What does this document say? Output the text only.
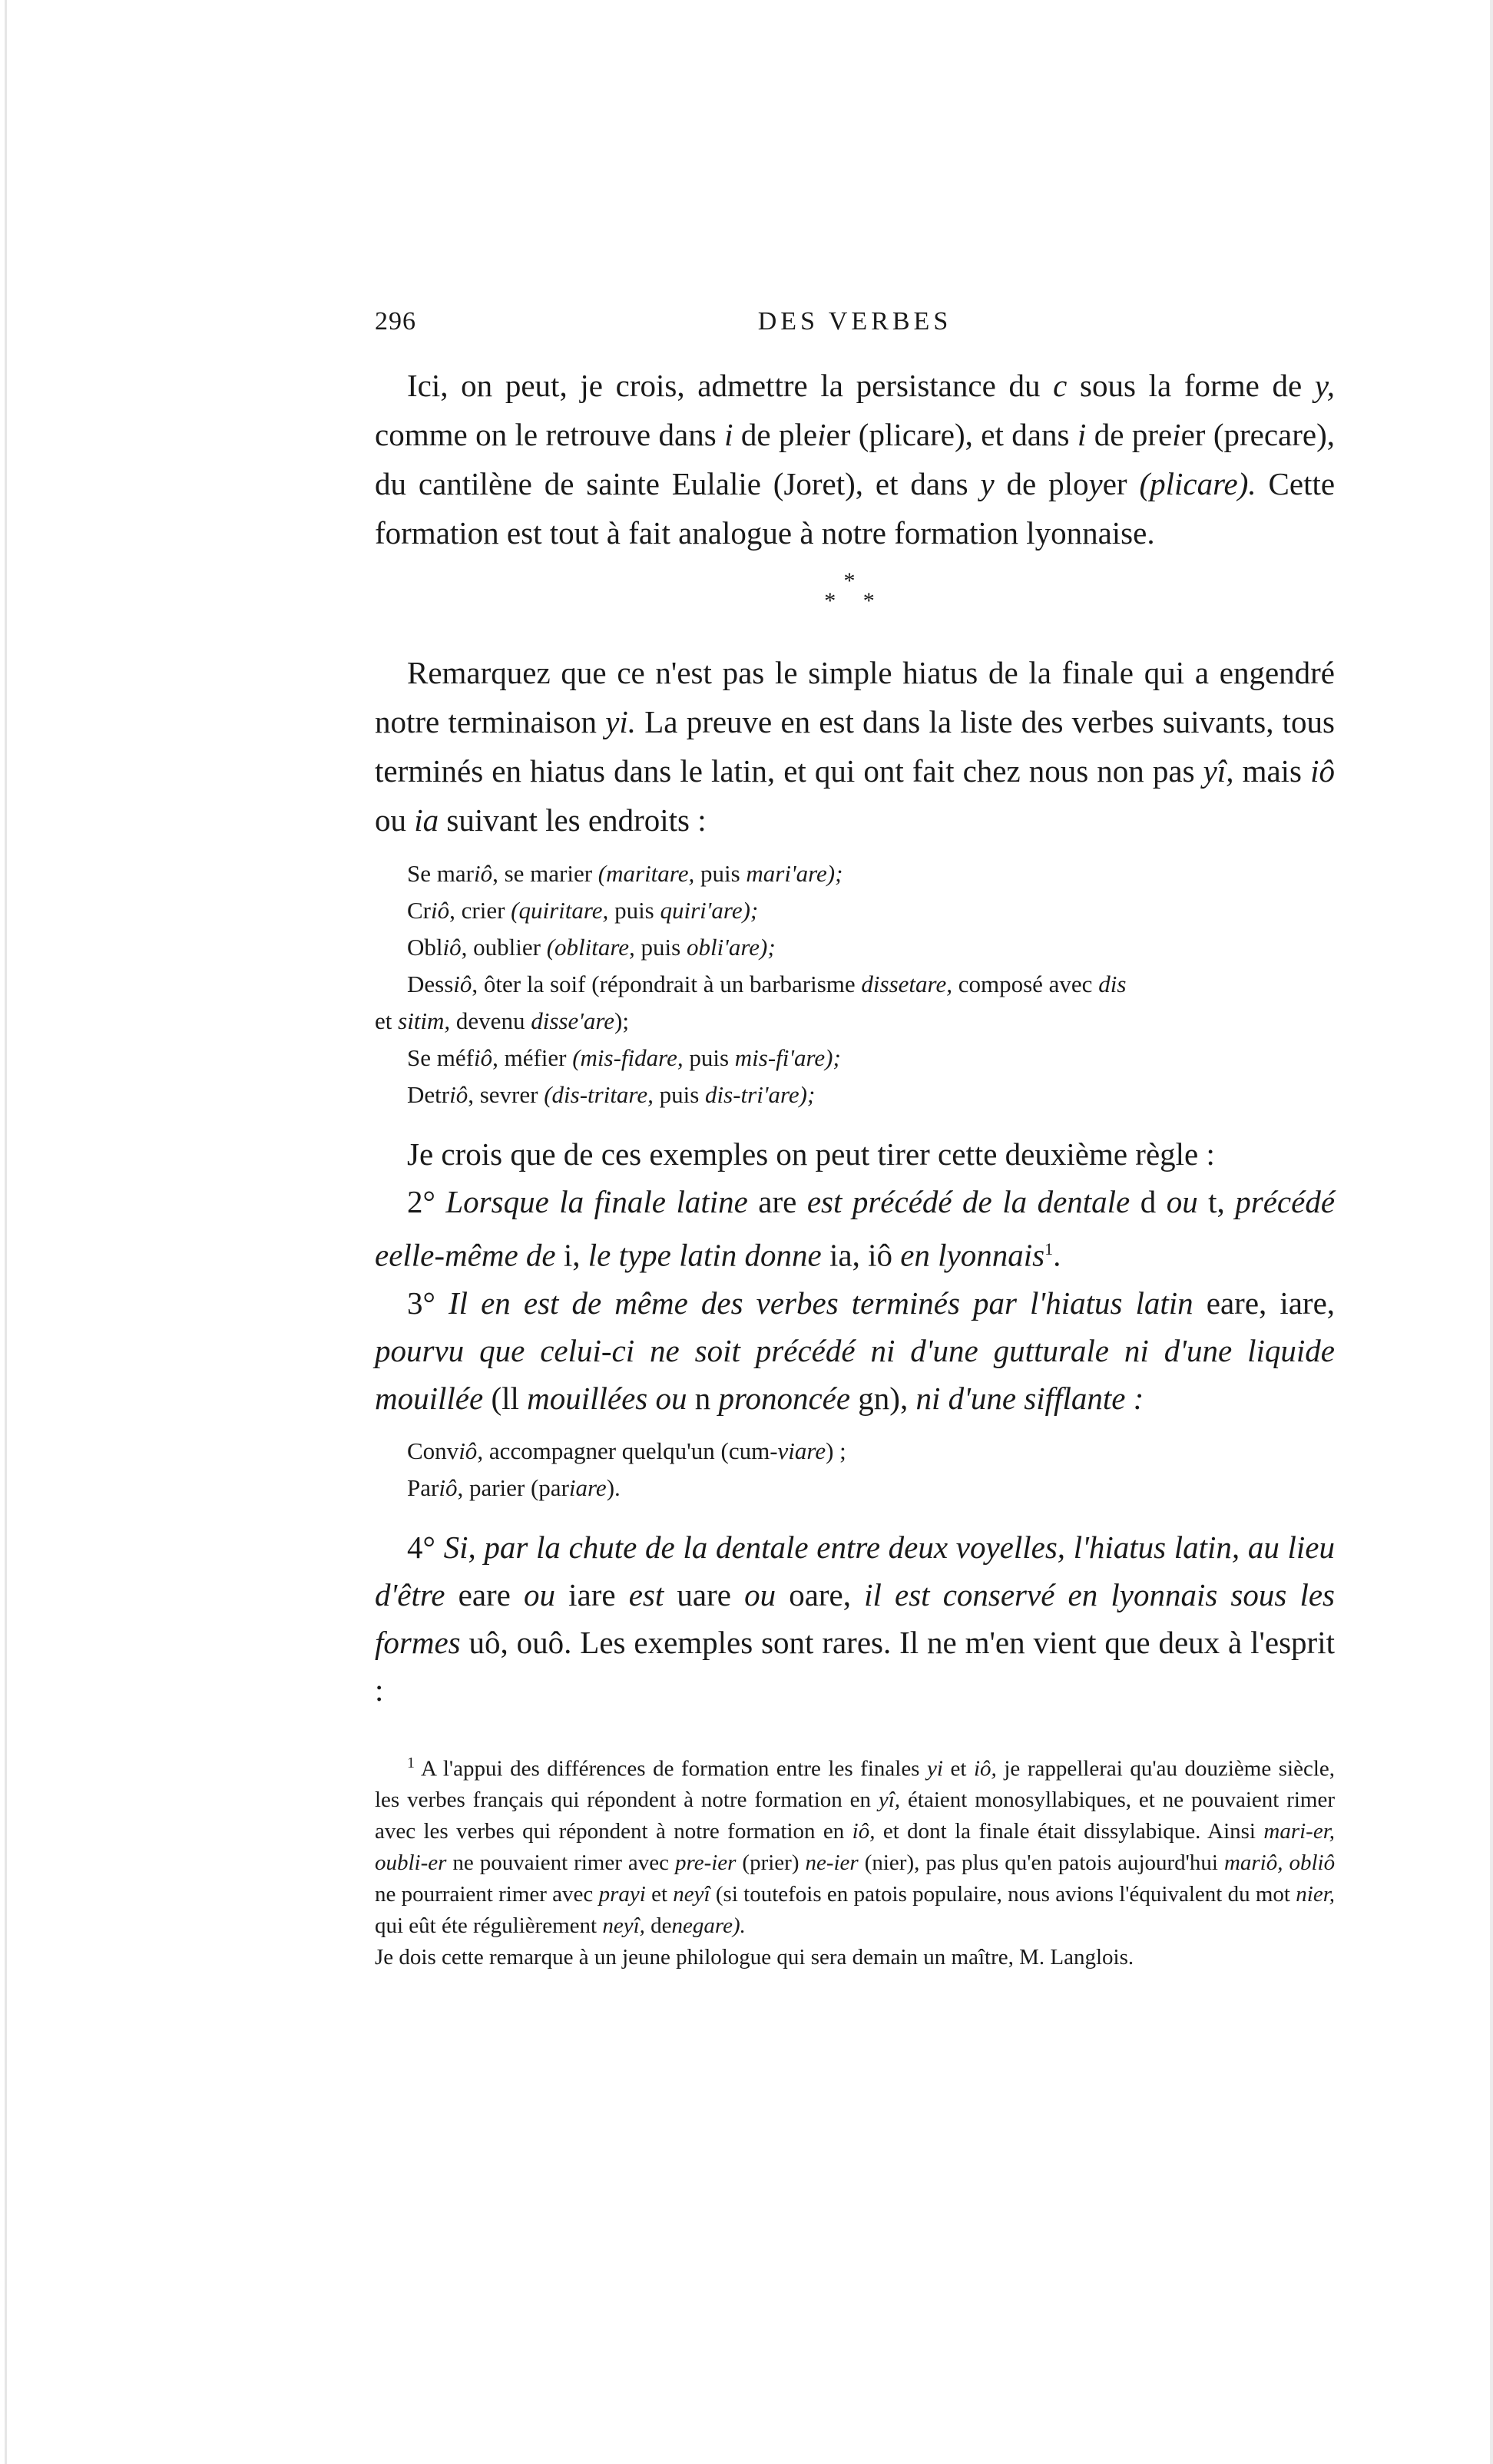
296	DES VERBES

Ici, on peut, je crois, admettre la persistance du c sous la forme de y, comme on le retrouve dans i de pleier (plicare), et dans i de preier (precare), du cantilène de sainte Eulalie (Joret), et dans y de ployer (plicare). Cette formation est tout à fait analogue à notre formation lyonnaise.

*
* *

Remarquez que ce n'est pas le simple hiatus de la finale qui a engendré notre terminaison yi. La preuve en est dans la liste des verbes suivants, tous terminés en hiatus dans le latin, et qui ont fait chez nous non pas yî, mais iô ou ia suivant les endroits :

Se mariô, se marier (maritare, puis mari'are);

Criô, crier (quiritare, puis quiri'are);

Obliô, oublier (oblitare, puis obli'are);

Dessiô, ôter la soif (répondrait à un barbarisme dissetare, composé avec dis

et sitim, devenu disse'are);

Se méfiô, méfier (mis-fidare, puis mis-fi'are);

Detriô, sevrer (dis-tritare, puis dis-tri'are);

Je crois que de ces exemples on peut tirer cette deuxième règle :

2° Lorsque la finale latine are est précédé de la dentale d ou t, précédé eelle-même de i, le type latin donne ia, iô en lyonnais$^1$.

3° Il en est de même des verbes terminés par l'hiatus latin eare, iare, pourvu que celui-ci ne soit précédé ni d'une gutturale ni d'une liquide mouillée (ll mouillées ou n prononcée gn), ni d'une sifflante :

Conviô, accompagner quelqu'un (cum-viare) ;

Pariô, parier (pariare).

4° Si, par la chute de la dentale entre deux voyelles, l'hiatus latin, au lieu d'être eare ou iare est uare ou oare, il est conservé en lyonnais sous les formes uô, ouô. Les exemples sont rares. Il ne m'en vient que deux à l'esprit :

$^1$ A l'appui des différences de formation entre les finales yi et iô, je rappellerai qu'au douzième siècle, les verbes français qui répondent à notre formation en yî, étaient monosyllabiques, et ne pouvaient rimer avec les verbes qui répondent à notre formation en iô, et dont la finale était dissylabique. Ainsi mari-er, oubli-er ne pouvaient rimer avec pre-ier (prier) ne-ier (nier), pas plus qu'en patois aujourd'hui mariô, obliô ne pourraient rimer avec prayi et neyî (si toutefois en patois populaire, nous avions l'équivalent du mot nier, qui eût éte régulièrement neyî, denegare).

Je dois cette remarque à un jeune philologue qui sera demain un maître, M. Langlois.
